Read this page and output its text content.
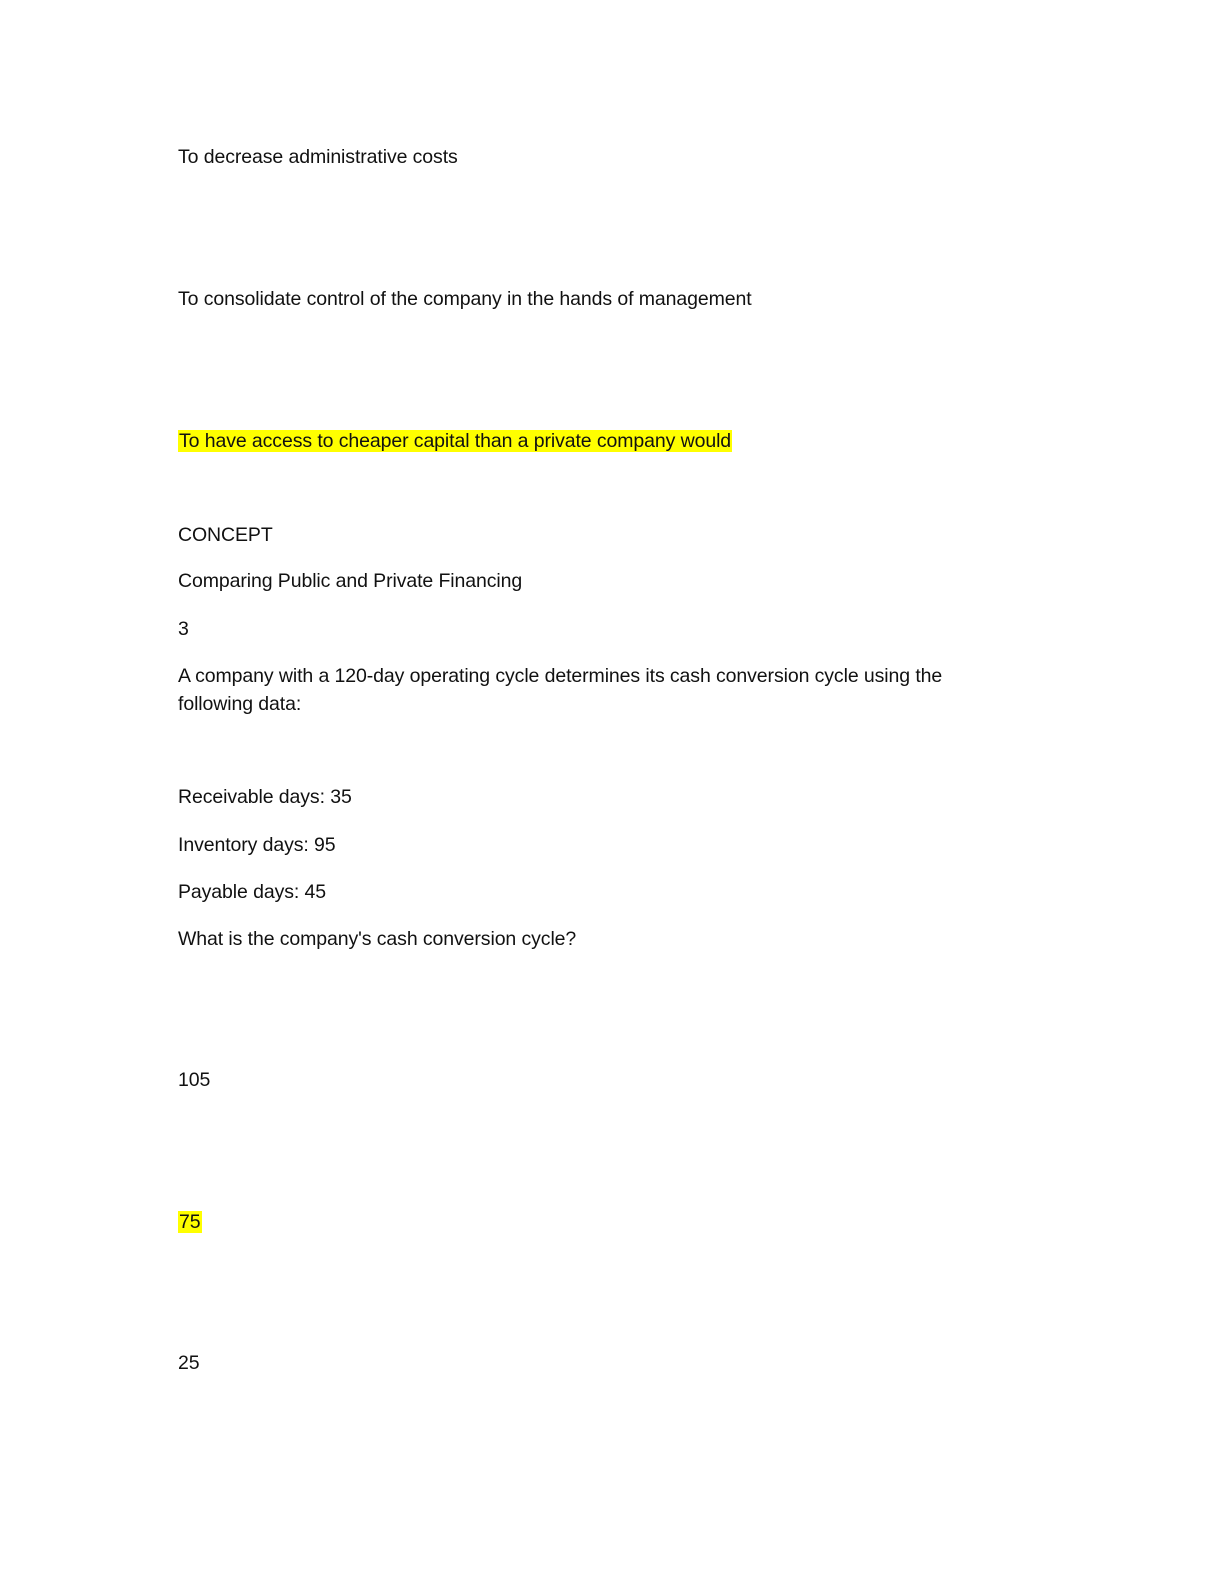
To decrease administrative costs
To consolidate control of the company in the hands of management
To have access to cheaper capital than a private company would
CONCEPT
Comparing Public and Private Financing
3
A company with a 120-day operating cycle determines its cash conversion cycle using the following data:
Receivable days: 35
Inventory days: 95
Payable days: 45
What is the company's cash conversion cycle?
105
75
25
